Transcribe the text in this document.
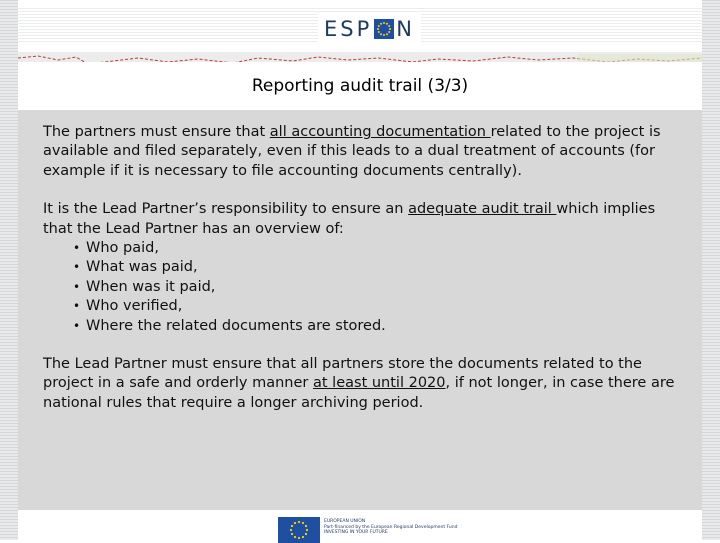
ESP N
Reporting audit trail (3/3)

The partners must ensure that all accounting documentation related to the project is available and filed separately, even if this leads to a dual treatment of accounts (for example if it is necessary to file accounting documents centrally).

It is the Lead Partner’s responsibility to ensure an adequate audit trail which implies that the Lead Partner has an overview of:

• Who paid,
• What was paid,
• When was it paid,
• Who verified,
• Where the related documents are stored.

The Lead Partner must ensure that all partners store the documents related to the project in a safe and orderly manner at least until 2020, if not longer, in case there are national rules that require a longer archiving period.

EUROPEAN UNION
Part-financed by the European Regional Development Fund
INVESTING IN YOUR FUTURE
